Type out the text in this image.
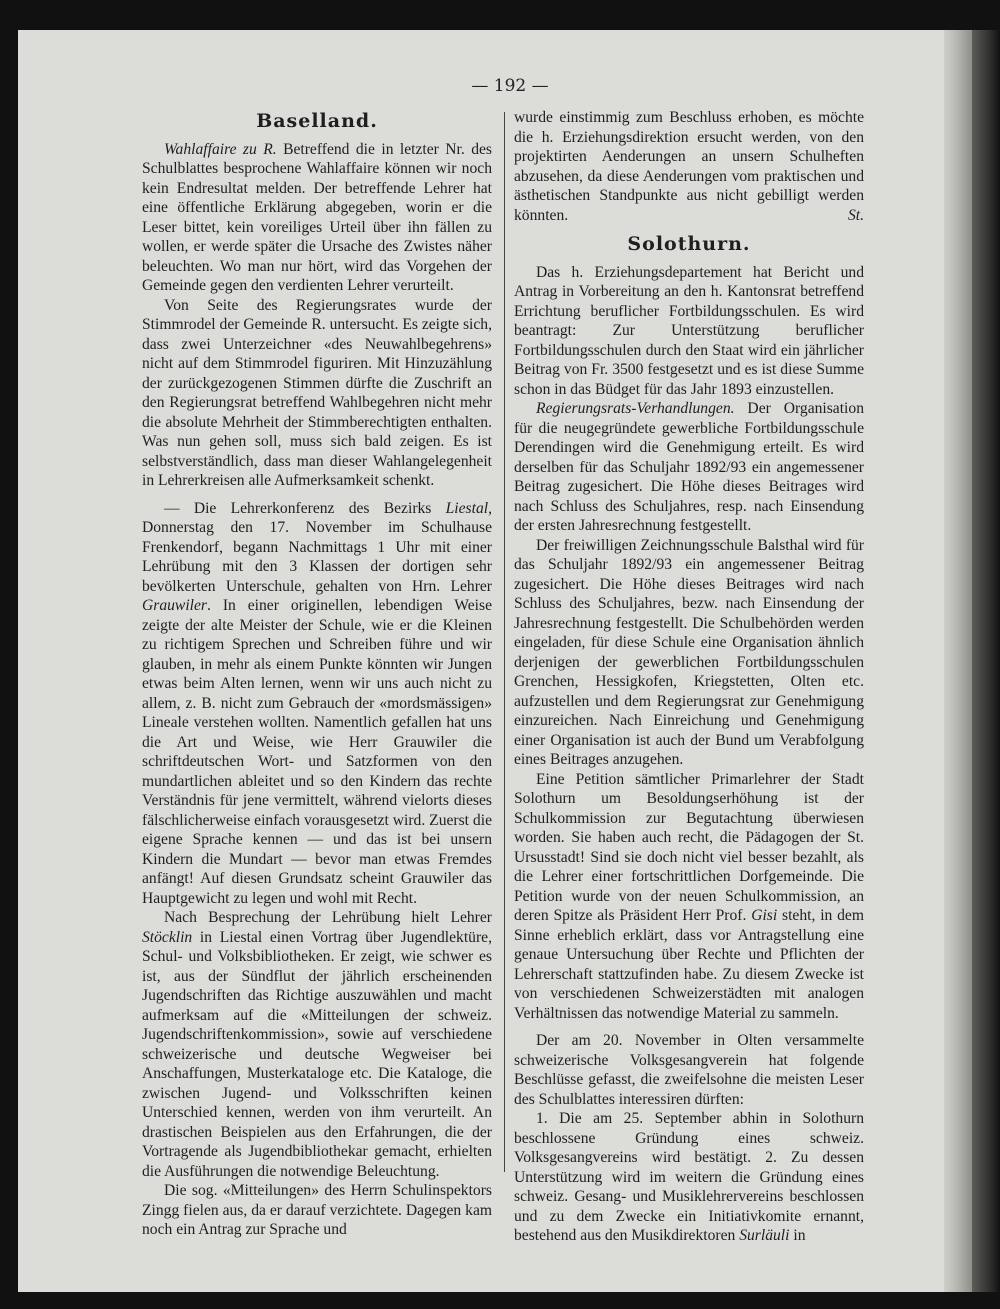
— 192 —
Baselland.

Wahlaffaire zu R. Betreffend die in letzter Nr. des Schulblattes besprochene Wahlaffaire können wir noch kein Endresultat melden. Der betreffende Lehrer hat eine öffentliche Erklärung abgegeben, worin er die Leser bittet, kein voreiliges Urteil über ihn fällen zu wollen, er werde später die Ursache des Zwistes näher beleuchten. Wo man nur hört, wird das Vorgehen der Gemeinde gegen den verdienten Lehrer verurteilt.

Von Seite des Regierungsrates wurde der Stimmrodel der Gemeinde R. untersucht. Es zeigte sich, dass zwei Unterzeichner «des Neuwahlbegehrens» nicht auf dem Stimmrodel figuriren. Mit Hinzuzählung der zurückgezogenen Stimmen dürfte die Zuschrift an den Regierungsrat betreffend Wahlbegehren nicht mehr die absolute Mehrheit der Stimmberechtigten enthalten. Was nun gehen soll, muss sich bald zeigen. Es ist selbstverständlich, dass man dieser Wahlangelegenheit in Lehrerkreisen alle Aufmerksamkeit schenkt.

— Die Lehrerkonferenz des Bezirks Liestal, Donnerstag den 17. November im Schulhause Frenkendorf, begann Nachmittags 1 Uhr mit einer Lehrübung mit den 3 Klassen der dortigen sehr bevölkerten Unterschule, gehalten von Hrn. Lehrer Grauwiler. In einer originellen, lebendigen Weise zeigte der alte Meister der Schule, wie er die Kleinen zu richtigem Sprechen und Schreiben führe und wir glauben, in mehr als einem Punkte könnten wir Jungen etwas beim Alten lernen, wenn wir uns auch nicht zu allem, z. B. nicht zum Gebrauch der «mordsmässigen» Lineale verstehen wollten. Namentlich gefallen hat uns die Art und Weise, wie Herr Grauwiler die schriftdeutschen Wort- und Satzformen von den mundartlichen ableitet und so den Kindern das rechte Verständnis für jene vermittelt, während vielorts dieses fälschlicherweise einfach vorausgesetzt wird. Zuerst die eigene Sprache kennen — und das ist bei unsern Kindern die Mundart — bevor man etwas Fremdes anfängt! Auf diesen Grundsatz scheint Grauwiler das Hauptgewicht zu legen und wohl mit Recht.

Nach Besprechung der Lehrübung hielt Lehrer Stöcklin in Liestal einen Vortrag über Jugendlektüre, Schul- und Volksbibliotheken. Er zeigt, wie schwer es ist, aus der Sündflut der jährlich erscheinenden Jugendschriften das Richtige auszuwählen und macht aufmerksam auf die «Mitteilungen der schweiz. Jugendschriftenkommission», sowie auf verschiedene schweizerische und deutsche Wegweiser bei Anschaffungen, Musterkataloge etc. Die Kataloge, die zwischen Jugend- und Volksschriften keinen Unterschied kennen, werden von ihm verurteilt. An drastischen Beispielen aus den Erfahrungen, die der Vortragende als Jugendbibliothekar gemacht, erhielten die Ausführungen die notwendige Beleuchtung.

Die sog. «Mitteilungen» des Herrn Schulinspektors Zingg fielen aus, da er darauf verzichtete. Dagegen kam noch ein Antrag zur Sprache und

wurde einstimmig zum Beschluss erhoben, es möchte die h. Erziehungsdirektion ersucht werden, von den projektirten Aenderungen an unsern Schulheften abzusehen, da diese Aenderungen vom praktischen und ästhetischen Standpunkte aus nicht gebilligt werden könnten.	St.

Solothurn.

Das h. Erziehungsdepartement hat Bericht und Antrag in Vorbereitung an den h. Kantonsrat betreffend Errichtung beruflicher Fortbildungsschulen. Es wird beantragt: Zur Unterstützung beruflicher Fortbildungsschulen durch den Staat wird ein jährlicher Beitrag von Fr. 3500 festgesetzt und es ist diese Summe schon in das Büdget für das Jahr 1893 einzustellen.

Regierungsrats-Verhandlungen. Der Organisation für die neugegründete gewerbliche Fortbildungsschule Derendingen wird die Genehmigung erteilt. Es wird derselben für das Schuljahr 1892/93 ein angemessener Beitrag zugesichert. Die Höhe dieses Beitrages wird nach Schluss des Schuljahres, resp. nach Einsendung der ersten Jahresrechnung festgestellt.

Der freiwilligen Zeichnungsschule Balsthal wird für das Schuljahr 1892/93 ein angemessener Beitrag zugesichert. Die Höhe dieses Beitrages wird nach Schluss des Schuljahres, bezw. nach Einsendung der Jahresrechnung festgestellt. Die Schulbehörden werden eingeladen, für diese Schule eine Organisation ähnlich derjenigen der gewerblichen Fortbildungsschulen Grenchen, Hessigkofen, Kriegstetten, Olten etc. aufzustellen und dem Regierungsrat zur Genehmigung einzureichen. Nach Einreichung und Genehmigung einer Organisation ist auch der Bund um Verabfolgung eines Beitrages anzugehen.

Eine Petition sämtlicher Primarlehrer der Stadt Solothurn um Besoldungserhöhung ist der Schulkommission zur Begutachtung überwiesen worden. Sie haben auch recht, die Pädagogen der St. Ursusstadt! Sind sie doch nicht viel besser bezahlt, als die Lehrer einer fortschrittlichen Dorfgemeinde. Die Petition wurde von der neuen Schulkommission, an deren Spitze als Präsident Herr Prof. Gisi steht, in dem Sinne erheblich erklärt, dass vor Antragstellung eine genaue Untersuchung über Rechte und Pflichten der Lehrerschaft stattzufinden habe. Zu diesem Zwecke ist von verschiedenen Schweizerstädten mit analogen Verhältnissen das notwendige Material zu sammeln.

Der am 20. November in Olten versammelte schweizerische Volksgesangverein hat folgende Beschlüsse gefasst, die zweifelsohne die meisten Leser des Schulblattes interessiren dürften:

1. Die am 25. September abhin in Solothurn beschlossene Gründung eines schweiz. Volksgesangvereins wird bestätigt. 2. Zu dessen Unterstützung wird im weitern die Gründung eines schweiz. Gesang- und Musiklehrervereins beschlossen und zu dem Zwecke ein Initiativkomite ernannt, bestehend aus den Musikdirektoren Surläuli in
